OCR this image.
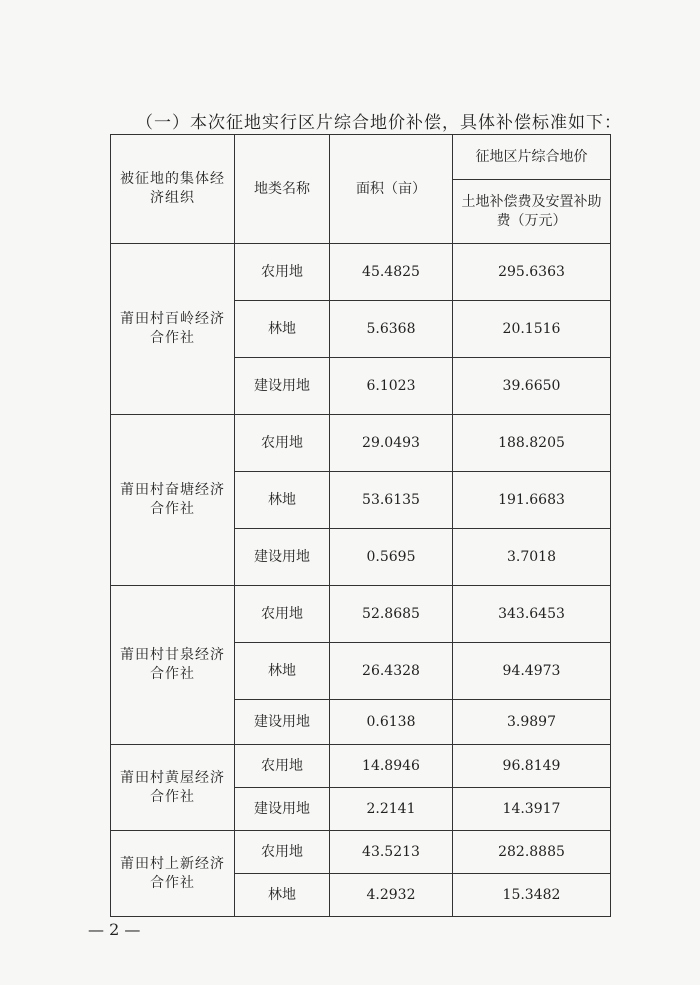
（一）本次征地实行区片综合地价补偿，具体补偿标准如下：
被征地的集体经济组织	地类名称	面积（亩）	征地区片综合地价
			土地补偿费及安置补助费（万元）
莆田村百岭经济合作社	农用地	45.4825	295.6363
	林地	5.6368	20.1516
	建设用地	6.1023	39.6650
莆田村奋塘经济合作社	农用地	29.0493	188.8205
	林地	53.6135	191.6683
	建设用地	0.5695	3.7018
莆田村甘泉经济合作社	农用地	52.8685	343.6453
	林地	26.4328	94.4973
	建设用地	0.6138	3.9897
莆田村黄屋经济合作社	农用地	14.8946	96.8149
	建设用地	2.2141	14.3917
莆田村上新经济合作社	农用地	43.5213	282.8885
	林地	4.2932	15.3482
— 2 —
